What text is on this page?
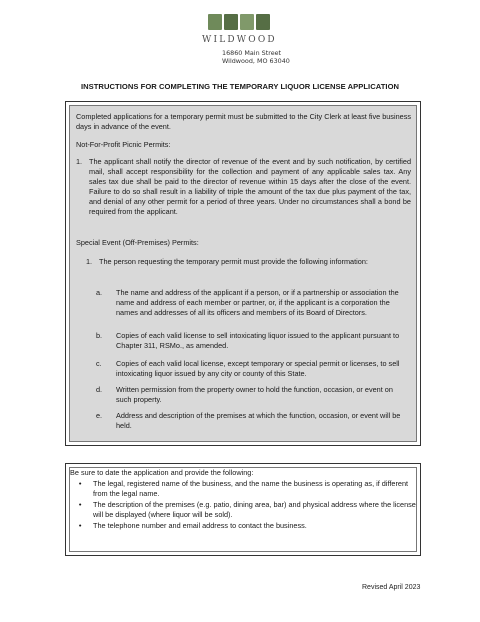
WILDWOOD
16860 Main Street
Wildwood, MO 63040
INSTRUCTIONS FOR COMPLETING THE TEMPORARY LIQUOR LICENSE APPLICATION
Completed applications for a temporary permit must be submitted to the City Clerk at least five business days in advance of the event.
Not-For-Profit Picnic Permits:
1. The applicant shall notify the director of revenue of the event and by such notification, by certified mail, shall accept responsibility for the collection and payment of any applicable sales tax. Any sales tax due shall be paid to the director of revenue within 15 days after the close of the event. Failure to do so shall result in a liability of triple the amount of the tax due plus payment of the tax, and denial of any other permit for a period of three years. Under no circumstances shall a bond be required from the applicant.
Special Event (Off-Premises) Permits:
1. The person requesting the temporary permit must provide the following information:
a. The name and address of the applicant if a person, or if a partnership or association the name and address of each member or partner, or, if the applicant is a corporation the names and addresses of all its officers and members of its Board of Directors.
b. Copies of each valid license to sell intoxicating liquor issued to the applicant pursuant to Chapter 311, RSMo., as amended.
c. Copies of each valid local license, except temporary or special permit or licenses, to sell intoxicating liquor issued by any city or county of this State.
d. Written permission from the property owner to hold the function, occasion, or event on such property.
e. Address and description of the premises at which the function, occasion, or event will be held.
Be sure to date the application and provide the following:
• The legal, registered name of the business, and the name the business is operating as, if different from the legal name.
• The description of the premises (e.g. patio, dining area, bar) and physical address where the license will be displayed (where liquor will be sold).
• The telephone number and email address to contact the business.
Revised April 2023
